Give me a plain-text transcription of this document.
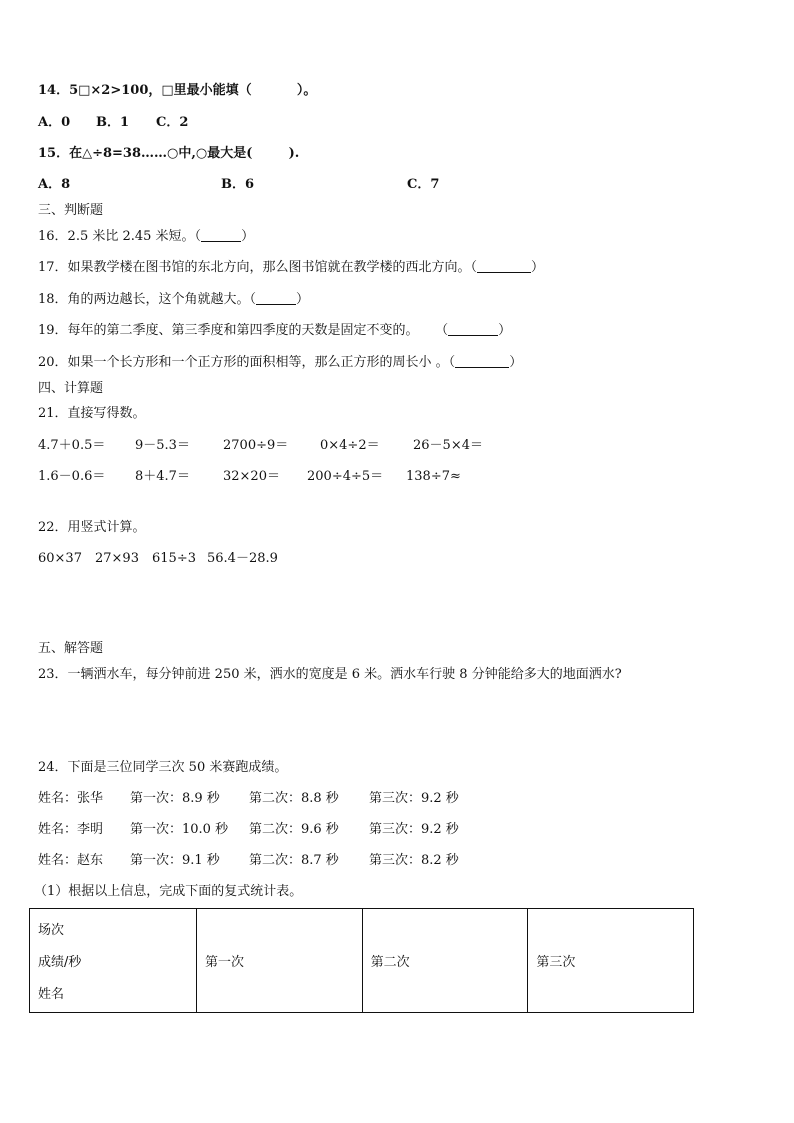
14．5□×2>100，□里最小能填（          ）。
A．0 B．1 C．2
15．在△÷8=38……○中,○最大是(        ).
A．8	B．6	C．7
三、判断题
16．2.5 米比 2.45 米短。（	）
17．如果教学楼在图书馆的东北方向，那么图书馆就在教学楼的西北方向。（	）
18．角的两边越长，这个角就越大。（	）
19．每年的第二季度、第三季度和第四季度的天数是固定不变的。    （	）
20．如果一个长方形和一个正方形的面积相等，那么正方形的周长小 。（	）
四、计算题
21．直接写得数。
4.7＋0.5＝ 9－5.3＝	2700÷9＝ 0×4÷2＝	26－5×4＝
1.6－0.6＝ 8＋4.7＝	32×20＝ 200÷4÷5＝ 138÷7≈
22．用竖式计算。
60×37 27×93 615÷3 56.4－28.9
五、解答题
23．一辆洒水车，每分钟前进 250 米，洒水的宽度是 6 米。洒水车行驶 8 分钟能给多大的地面洒水?
24．下面是三位同学三次 50 米赛跑成绩。
姓名：张华 第一次：8.9 秒 第二次：8.8 秒 第三次：9.2 秒
姓名：李明 第一次：10.0 秒 第二次：9.6 秒 第三次：9.2 秒
姓名：赵东 第一次：9.1 秒 第二次：8.7 秒 第三次：8.2 秒
（1）根据以上信息，完成下面的复式统计表。
场次
成绩/秒
姓名
	第一次	第二次	第三次
